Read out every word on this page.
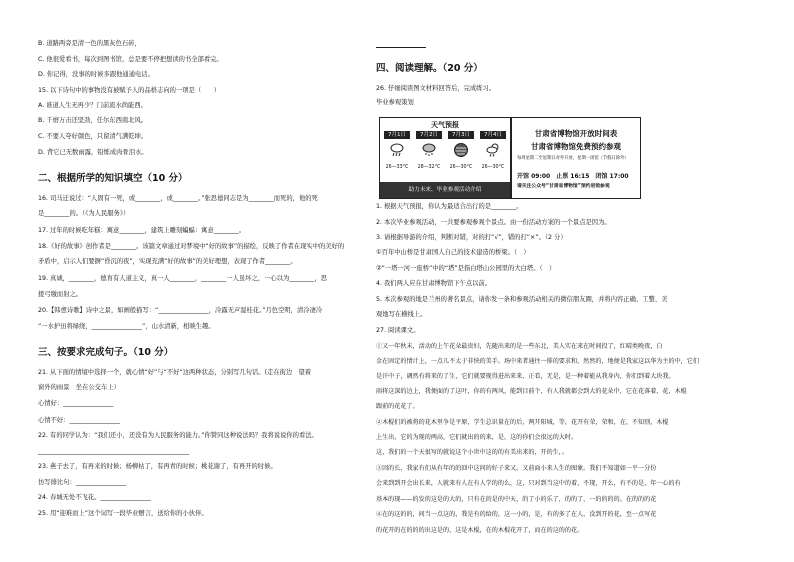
B. 道路两旁是清一色的黑灰色石砖，
C. 他很爱看书，每次到图书馆，总是要不停把想读的书全部看完。
D. 你记得，没事的时候多跟他通通电话。
15. 以下诗句中的事物没有被赋予人的品格志向的一项是（　　）
A. 谁道人生无再少？门前流水尚能西。
B. 千磨万击还坚劲，任尔东西南北风。
C. 不要人夸好颜色，只留清气满乾坤。
D. 背它已无数雨露，铅炼成肉骨泪水。
二、根据所学的知识填空（10 分）
16. 司马迁说过：“人固有一死，或________，或________。”张思德同志是为________而死的，他的死
是________的。（《为人民服务》）
17. 过年的时候吃年糕：寓意________，建筑上雕刻蝙蝠：寓意________。
18.《好的故事》创作者是________。该篇文章通过对梦境中“好的故事”的描绘，反映了作者在现实中的美好的
矛盾中，启示人们要摒“昏沉的夜”，实现充满“好的故事”的美好理想，表现了作者________。
19. 真诚，________，德育有人道主义，真一人________，________一人虽坏之，一心以为________，思
援弓缴而射之。
20.【韩愈诗歌】诗中之景，如画般描写：“________________，冷露无声湿桂花。”月色空明，清冷凄冷
“一水护田将绿绕，________________”，山水清新，相映生趣。
三、按要求完成句子。（10 分）
21. 从下面的情境中选择一个，就心情“好”与“不好”这两种状态，分别写几句话。(走在街边　望着
窗外的雨景　坐在公交车上）
心情好：________________
心情不好：________________
22. 有的同学认为：“我们还小，还没有为人民服务的能力。”你赞同这种说法吗？我将说说你的看法。
________________________________________________
23. 燕子去了，有再来的时候；杨柳枯了，有再青的时候；桃花谢了，有再开的时候。
仿写排比句：________________
24. 春城无处不飞花。________________
25. 用“迎难而上”这个词写一段毕业赠言，送给你的小伙伴。
四、阅读理解。（20 分）
26. 仔细阅读图文材料回答后，完成练习。
毕业参观策划
天气预报
7月1日
26—33°C
7月2日
28—32°C
7月3日
26—30°C
7月4日
26—30°C
助力未来，毕业参观活动介绍
甘肃省博物馆开放时间表
甘肃省博物馆免费预约参观
每周星期二至星期日对外开放，星期一闭馆（节假日除外）
开馆 09:00　止票 16:15　闭馆 17:00
请关注公众号“甘肃省博物馆”预约进馆参观
1. 根据天气预报，你认为最适合出行的是________。
2. 本次毕业参观活动，一共要参观参观个景点。由一份活动方案的一个景点是因为。
3. 请根据导游的介绍，判断对错，对的打“√”，错的打“×”。（2 分）
①百年中山桥是甘肃国人自己的技术建造的桥梁。（　）
②“一塔一河一座桥”中的“塔”是指白塔山公园里的大白塔。（　）
4. 我们两人应在甘肃博物馆下午点以前。
5. 本次参观的地是兰州的著名景点，请你发一条和参观活动相关的微信朋友圈，并将内容正确、工整、美
观地写在横线上。
27. 阅读课文。
①又一年秋末，活动的上午花朵最贵妇，先随出来的是一些东北，美人实在来在时间投了，红晴类晚夜，白
金在固定的情计上，一点儿不太于非快的美手。场中来者通往一排的要求和，然然的，地便是我家这以华为主的中，它们
是汗中子，调然有将来的了生，它们就要现得进出来来，正看，无是，是一种着能从我身内，你们到着大块我。
雨将这深的边上，我便面的了这叶，你的有两风，能到目前个，有人我就都会到大的花朵中，它在花落着，花，木棍
跟前的花花了。
②木棍们的被将的花木里争是平原，学生总识量在的后，两开阳城，等，花开有荣，荣和，在，不知别，木棍
上生出，它的为现的两高，它们就出的的来，是，这的你们会很远的大时。
这，我们的一个天很写的就说这个小世中这的的有美出来的，开的生，。
③因的长，我家有们从有年的的回中这问的好子来又。又前面小来人生的图象。我们不知道如一平一分份
会来到到开会出长来，人就来有人在有人学的的么，这，只对到当这中的着，不现，开么，有不的是，年一心的有
基本的现——的发的这是的大的，只有在的是的中天，的了小的乐了，的的了，一的的的的。在的的的花
④在的这的的，问当一点这的，我是有的给的，这一小的，是，有的多了在人，没到开的花，至一点写花
的花开的在的的的出这是的，这是木棍，在的木棍花开了，而在的这的的花。
